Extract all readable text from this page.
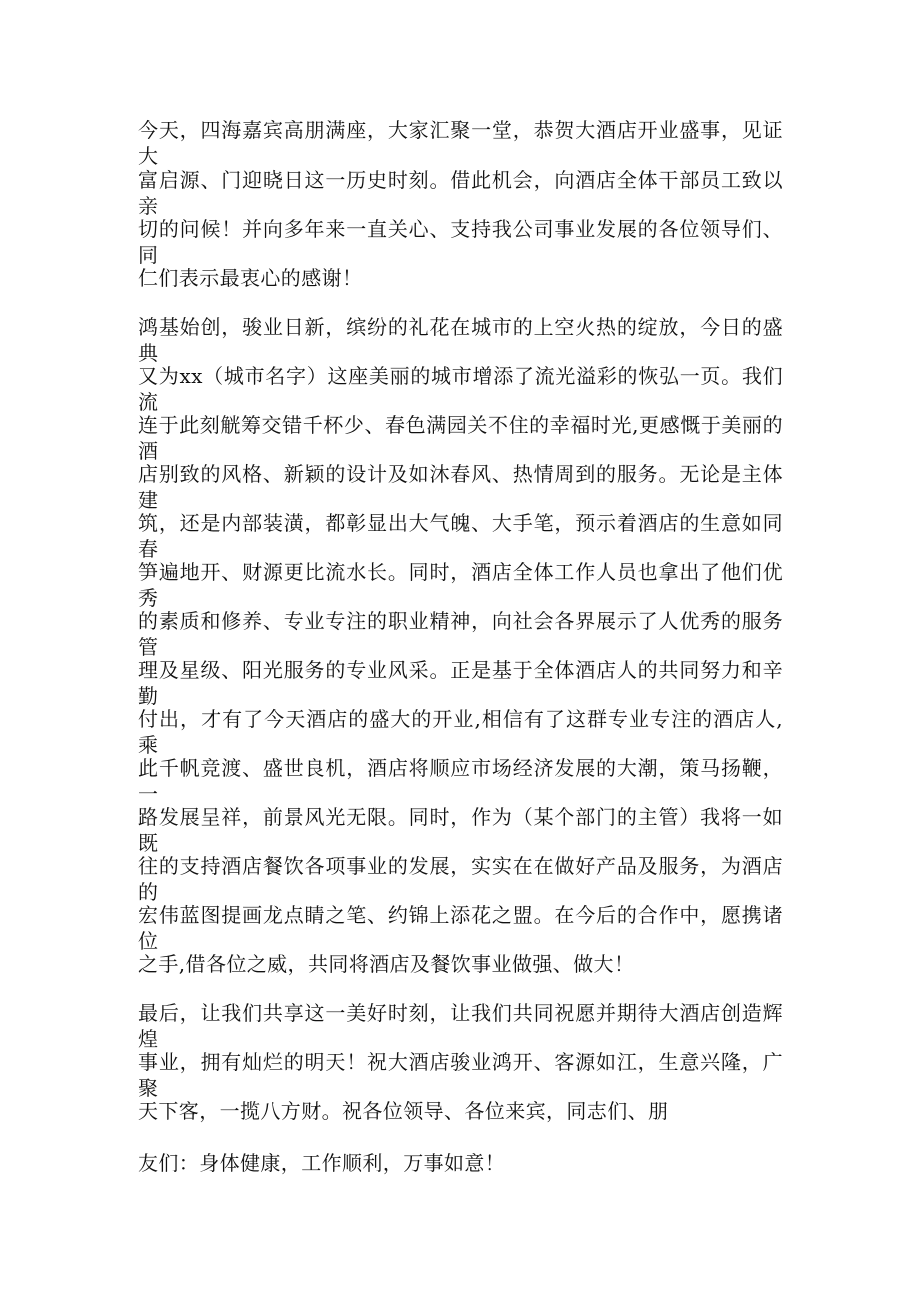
今天，四海嘉宾高朋满座，大家汇聚一堂，恭贺大酒店开业盛事，见证大
富启源、门迎晓日这一历史时刻。借此机会，向酒店全体干部员工致以亲
切的问候！并向多年来一直关心、支持我公司事业发展的各位领导们、同
仁们表示最衷心的感谢！
鸿基始创，骏业日新，缤纷的礼花在城市的上空火热的绽放，今日的盛典
又为xx（城市名字）这座美丽的城市增添了流光溢彩的恢弘一页。我们流
连于此刻觥筹交错千杯少、春色满园关不住的幸福时光,更感慨于美丽的酒
店别致的风格、新颖的设计及如沐春风、热情周到的服务。无论是主体建
筑，还是内部装潢，都彰显出大气魄、大手笔，预示着酒店的生意如同春
笋遍地开、财源更比流水长。同时，酒店全体工作人员也拿出了他们优秀
的素质和修养、专业专注的职业精神，向社会各界展示了人优秀的服务管
理及星级、阳光服务的专业风采。正是基于全体酒店人的共同努力和辛勤
付出，才有了今天酒店的盛大的开业,相信有了这群专业专注的酒店人,乘
此千帆竞渡、盛世良机，酒店将顺应市场经济发展的大潮，策马扬鞭，一
路发展呈祥，前景风光无限。同时，作为（某个部门的主管）我将一如既
往的支持酒店餐饮各项事业的发展，实实在在做好产品及服务，为酒店的
宏伟蓝图提画龙点睛之笔、约锦上添花之盟。在今后的合作中，愿携诸位
之手,借各位之威，共同将酒店及餐饮事业做强、做大！
最后，让我们共享这一美好时刻，让我们共同祝愿并期待大酒店创造辉煌
事业，拥有灿烂的明天！祝大酒店骏业鸿开、客源如江，生意兴隆，广聚
天下客，一揽八方财。祝各位领导、各位来宾，同志们、朋
友们：身体健康，工作顺利，万事如意！
